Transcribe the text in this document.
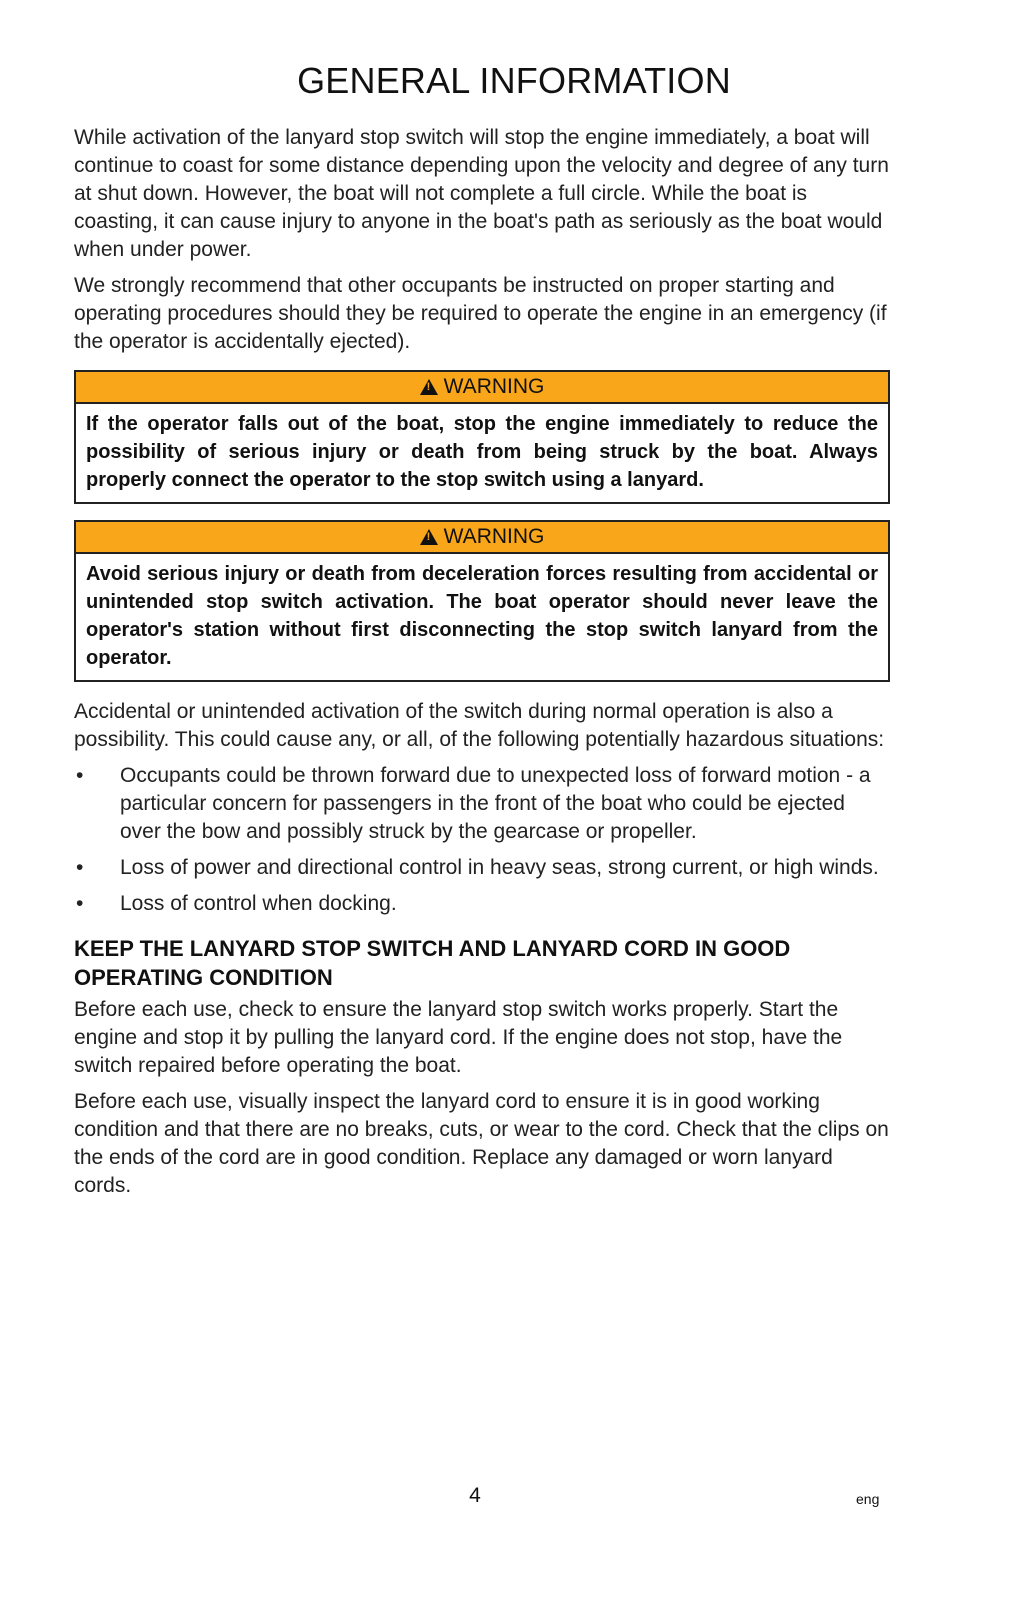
GENERAL INFORMATION

While activation of the lanyard stop switch will stop the engine immediately, a boat will continue to coast for some distance depending upon the velocity and degree of any turn at shut down. However, the boat will not complete a full circle. While the boat is coasting, it can cause injury to anyone in the boat's path as seriously as the boat would when under power.

We strongly recommend that other occupants be instructed on proper starting and operating procedures should they be required to operate the engine in an emergency (if the operator is accidentally ejected).

!WARNING
If the operator falls out of the boat, stop the engine immediately to reduce the possibility of serious injury or death from being struck by the boat. Always properly connect the operator to the stop switch using a lanyard.
!WARNING
Avoid serious injury or death from deceleration forces resulting from accidental or unintended stop switch activation. The boat operator should never leave the operator's station without first disconnecting the stop switch lanyard from the operator.

Accidental or unintended activation of the switch during normal operation is also a possibility. This could cause any, or all, of the following potentially hazardous situations:

• Occupants could be thrown forward due to unexpected loss of forward motion - a particular concern for passengers in the front of the boat who could be ejected over the bow and possibly struck by the gearcase or propeller.
• Loss of power and directional control in heavy seas, strong current, or high winds.
• Loss of control when docking.
KEEP THE LANYARD STOP SWITCH AND LANYARD CORD IN GOOD OPERATING CONDITION

Before each use, check to ensure the lanyard stop switch works properly. Start the engine and stop it by pulling the lanyard cord. If the engine does not stop, have the switch repaired before operating the boat.

Before each use, visually inspect the lanyard cord to ensure it is in good working condition and that there are no breaks, cuts, or wear to the cord. Check that the clips on the ends of the cord are in good condition. Replace any damaged or worn lanyard cords.

4	eng
